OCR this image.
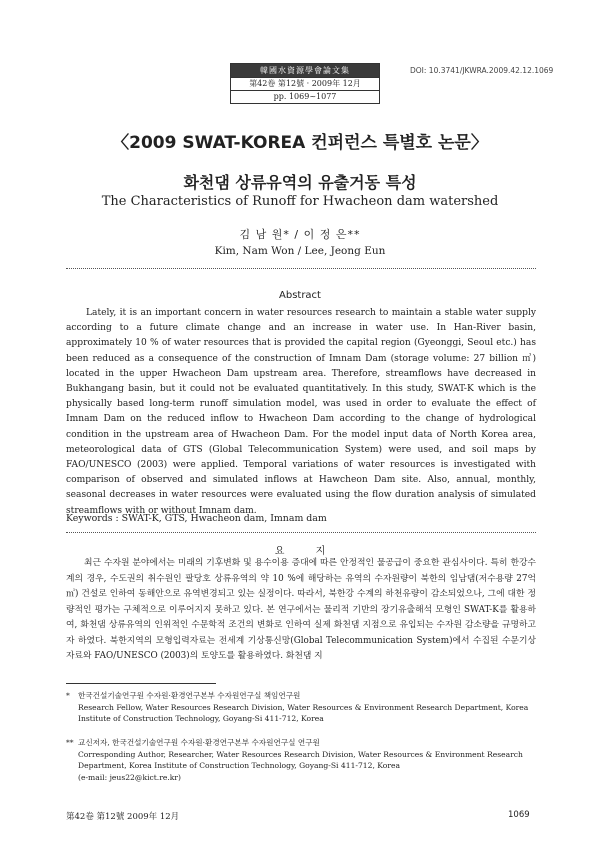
韓國水資源學會論文集
第42卷 第12號 · 2009年 12月
pp. 1069~1077
DOI: 10.3741/JKWRA.2009.42.12.1069
〈2009 SWAT-KOREA 컨퍼런스 특별호 논문〉
화천댐 상류유역의 유출거동 특성
The Characteristics of Runoff for Hwacheon dam watershed
김 남 원* / 이 정 은**
Kim, Nam Won / Lee, Jeong Eun
Abstract

Lately, it is an important concern in water resources research to maintain a stable water supply according to a future climate change and an increase in water use. In Han-River basin, approximately 10 % of water resources that is provided the capital region (Gyeonggi, Seoul etc.) has been reduced as a consequence of the construction of Imnam Dam (storage volume: 27 billion ㎥) located in the upper Hwacheon Dam upstream area. Therefore, streamflows have decreased in Bukhangang basin, but it could not be evaluated quantitatively. In this study, SWAT-K which is the physically based long-term runoff simulation model, was used in order to evaluate the effect of Imnam Dam on the reduced inflow to Hwacheon Dam according to the change of hydrological condition in the upstream area of Hwacheon Dam. For the model input data of North Korea area, meteorological data of GTS (Global Telecommunication System) were used, and soil maps by FAO/UNESCO (2003) were applied. Temporal variations of water resources is investigated with comparison of observed and simulated inflows at Hawcheon Dam site. Also, annual, monthly, seasonal decreases in water resources were evaluated using the flow duration analysis of simulated streamflows with or without Imnam dam.

Keywords : SWAT-K, GTS, Hwacheon dam, Imnam dam
요 지

최근 수자원 분야에서는 미래의 기후변화 및 용수이용 증대에 따른 안정적인 물공급이 중요한 관심사이다. 특히 한강수계의 경우, 수도권의 취수원인 팔당호 상류유역의 약 10 %에 해당하는 유역의 수자원량이 북한의 임남댐(저수용량 27억㎥) 건설로 인하여 동해안으로 유역변경되고 있는 실정이다. 따라서, 북한강 수계의 하천유량이 감소되었으나, 그에 대한 정량적인 평가는 구체적으로 이루어지지 못하고 있다. 본 연구에서는 물리적 기반의 장기유출해석 모형인 SWAT-K를 활용하여, 화천댐 상류유역의 인위적인 수문학적 조건의 변화로 인하여 실제 화천댐 지점으로 유입되는 수자원 감소량을 규명하고자 하였다. 북한지역의 모형입력자료는 전세계 기상통신망(Global Telecommunication System)에서 수집된 수문기상자료와 FAO/UNESCO (2003)의 토양도를 활용하였다. 화천댐 지

* 한국건설기술연구원 수자원·환경연구본부 수자원연구실 책임연구원
Research Fellow, Water Resources Research Division, Water Resources & Environment Research Department, Korea Institute of Construction Technology, Goyang-Si 411-712, Korea
** 교신저자, 한국건설기술연구원 수자원·환경연구본부 수자원연구실 연구원
Corresponding Author, Researcher, Water Resources Research Division, Water Resources & Environment Research Department, Korea Institute of Construction Technology, Goyang-Si 411-712, Korea
(e-mail: jeus22@kict.re.kr)
第42卷 第12號 2009年 12月	1069
